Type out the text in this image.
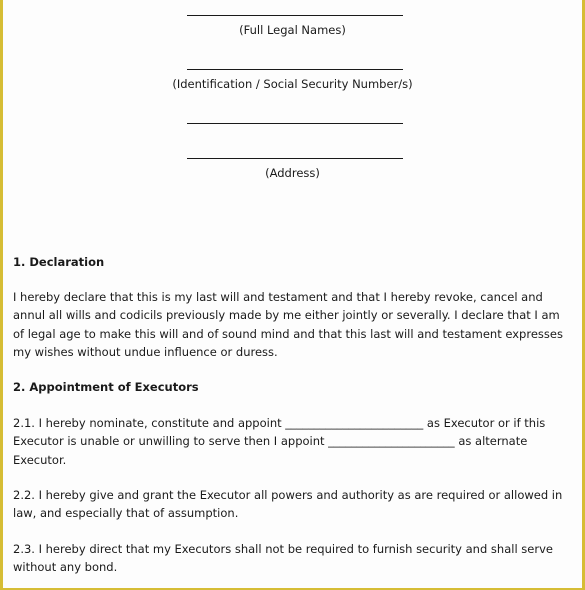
(Full Legal Names)
(Identification / Social Security Number/s)
(Address)
1. Declaration

I hereby declare that this is my last will and testament and that I hereby revoke, cancel and annul all wills and codicils previously made by me either jointly or severally. I declare that I am of legal age to make this will and of sound mind and that this last will and testament expresses my wishes without undue influence or duress.

2. Appointment of Executors

2.1. I hereby nominate, constitute and appoint ________________________ as Executor or if this Executor is unable or unwilling to serve then I appoint ______________________ as alternate Executor.

2.2. I hereby give and grant the Executor all powers and authority as are required or allowed in law, and especially that of assumption.

2.3. I hereby direct that my Executors shall not be required to furnish security and shall serve without any bond.
